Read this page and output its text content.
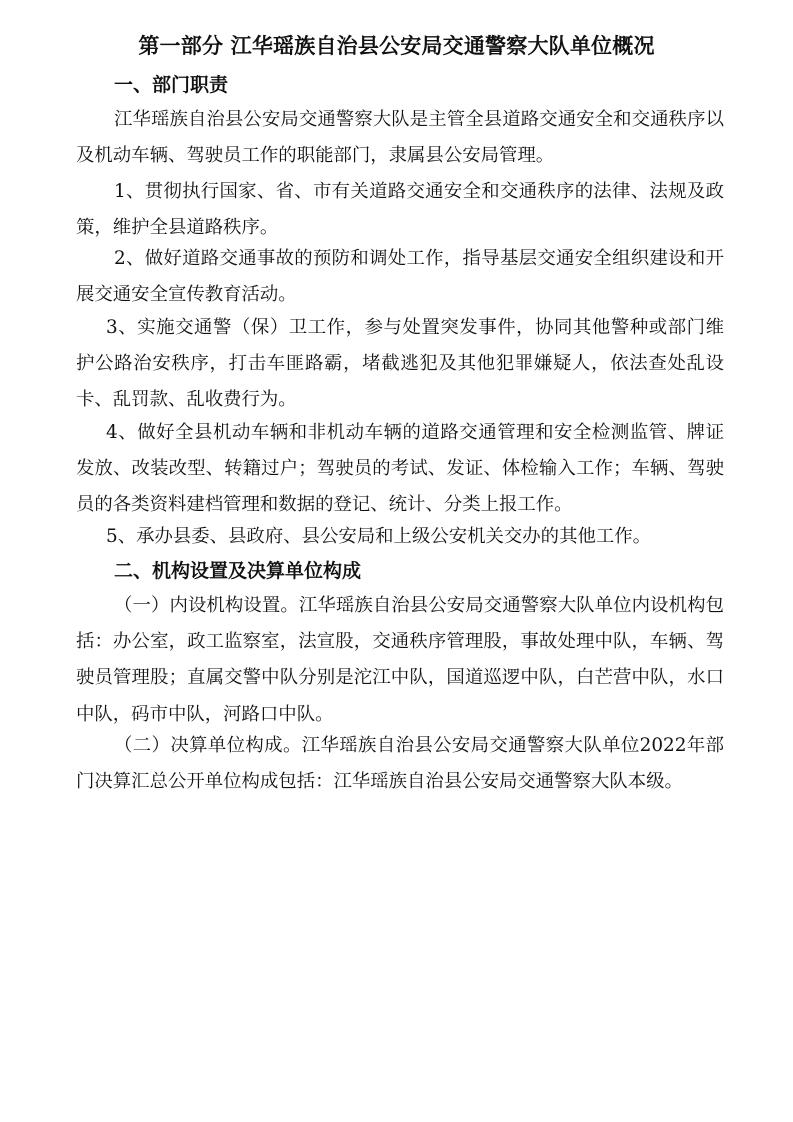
第一部分 江华瑶族自治县公安局交通警察大队单位概况
一、部门职责

江华瑶族自治县公安局交通警察大队是主管全县道路交通安全和交通秩序以及机动车辆、驾驶员工作的职能部门，隶属县公安局管理。

1、贯彻执行国家、省、市有关道路交通安全和交通秩序的法律、法规及政策，维护全县道路秩序。

2、做好道路交通事故的预防和调处工作，指导基层交通安全组织建设和开展交通安全宣传教育活动。

3、实施交通警（保）卫工作，参与处置突发事件，协同其他警种或部门维护公路治安秩序，打击车匪路霸，堵截逃犯及其他犯罪嫌疑人，依法查处乱设卡、乱罚款、乱收费行为。

4、做好全县机动车辆和非机动车辆的道路交通管理和安全检测监管、牌证发放、改装改型、转籍过户；驾驶员的考试、发证、体检输入工作；车辆、驾驶员的各类资料建档管理和数据的登记、统计、分类上报工作。

5、承办县委、县政府、县公安局和上级公安机关交办的其他工作。

二、机构设置及决算单位构成

（一）内设机构设置。江华瑶族自治县公安局交通警察大队单位内设机构包括：办公室，政工监察室，法宣股，交通秩序管理股，事故处理中队，车辆、驾驶员管理股；直属交警中队分别是沱江中队，国道巡逻中队，白芒营中队，水口中队，码市中队，河路口中队。

（二）决算单位构成。江华瑶族自治县公安局交通警察大队单位2022年部门决算汇总公开单位构成包括：江华瑶族自治县公安局交通警察大队本级。
